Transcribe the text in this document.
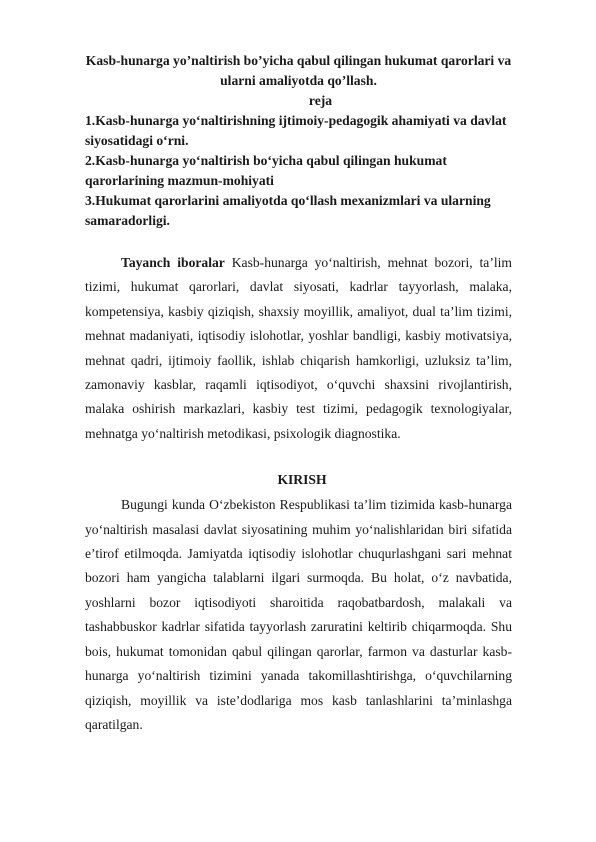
Kasb-hunarga yo’naltirish bo’yicha qabul qilingan hukumat qarorlari va
ularni amaliyotda qo’llash.
reja
1.Kasb-hunarga yo‘naltirishning ijtimoiy-pedagogik ahamiyati va davlat siyosatidagi o‘rni.
2.Kasb-hunarga yo‘naltirish bo‘yicha qabul qilingan hukumat qarorlarining mazmun-mohiyati
3.Hukumat qarorlarini amaliyotda qo‘llash mexanizmlari va ularning samaradorligi.

Tayanch iboralar Kasb-hunarga yo‘naltirish, mehnat bozori, ta’lim tizimi, hukumat qarorlari, davlat siyosati, kadrlar tayyorlash, malaka, kompetensiya, kasbiy qiziqish, shaxsiy moyillik, amaliyot, dual ta’lim tizimi, mehnat madaniyati, iqtisodiy islohotlar, yoshlar bandligi, kasbiy motivatsiya, mehnat qadri, ijtimoiy faollik, ishlab chiqarish hamkorligi, uzluksiz ta’lim, zamonaviy kasblar, raqamli iqtisodiyot, o‘quvchi shaxsini rivojlantirish, malaka oshirish markazlari, kasbiy test tizimi, pedagogik texnologiyalar, mehnatga yo‘naltirish metodikasi, psixologik diagnostika.

KIRISH

Bugungi kunda O‘zbekiston Respublikasi ta’lim tizimida kasb-hunarga yo‘naltirish masalasi davlat siyosatining muhim yo‘nalishlaridan biri sifatida e’tirof etilmoqda. Jamiyatda iqtisodiy islohotlar chuqurlashgani sari mehnat bozori ham yangicha talablarni ilgari surmoqda. Bu holat, o‘z navbatida, yoshlarni bozor iqtisodiyoti sharoitida raqobatbardosh, malakali va tashabbuskor kadrlar sifatida tayyorlash zaruratini keltirib chiqarmoqda. Shu bois, hukumat tomonidan qabul qilingan qarorlar, farmon va dasturlar kasb-hunarga yo‘naltirish tizimini yanada takomillashtirishga, o‘quvchilarning qiziqish, moyillik va iste’dodlariga mos kasb tanlashlarini ta’minlashga qaratilgan.
